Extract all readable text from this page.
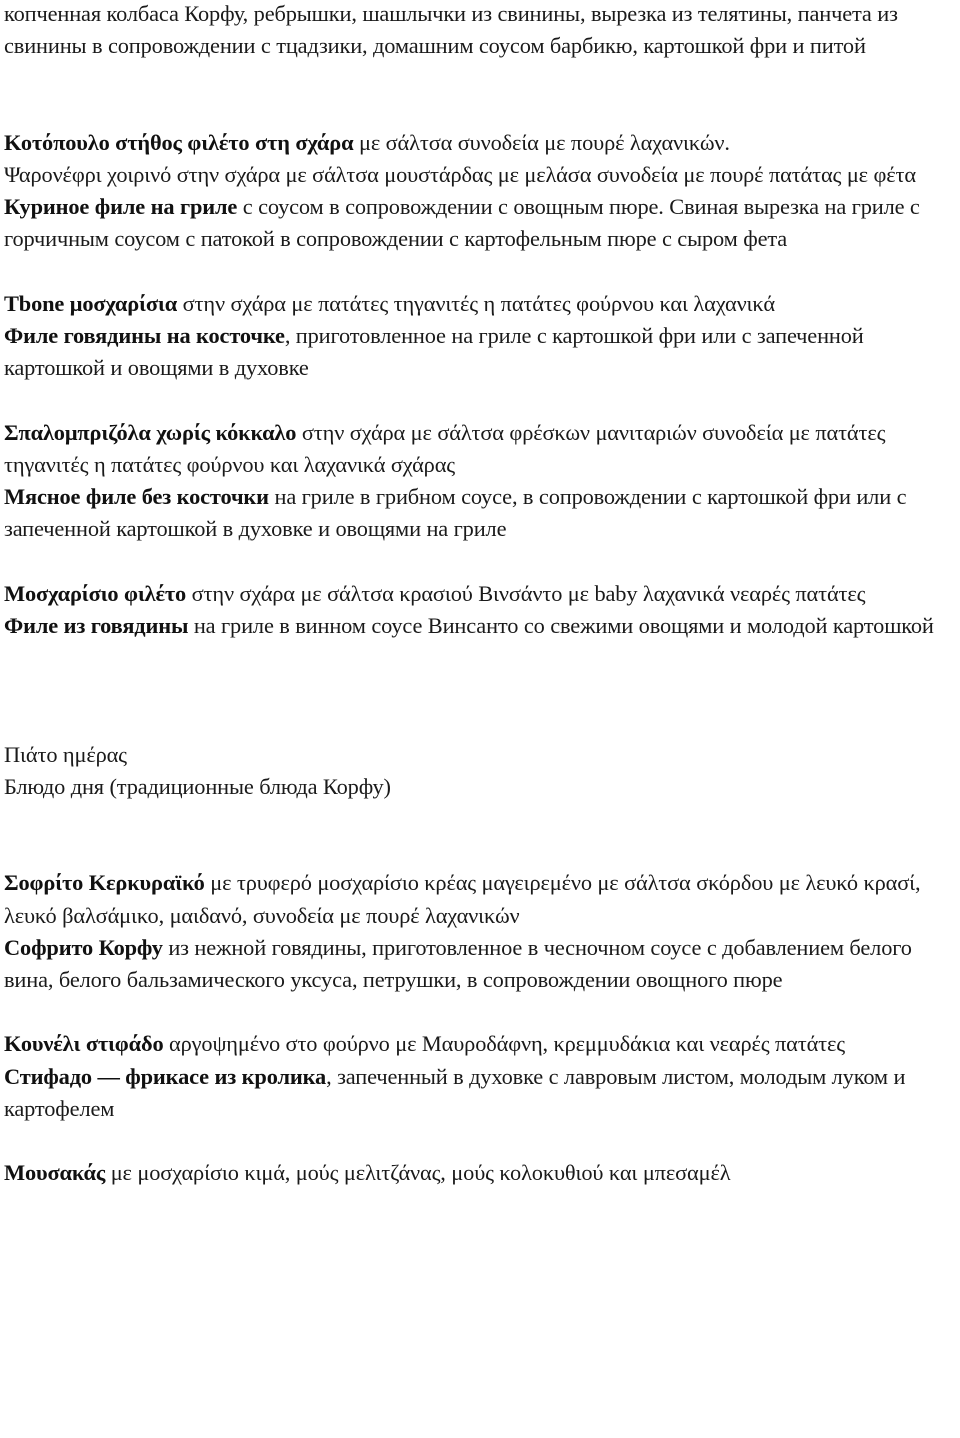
копченная колбаса Корфу, ребрышки, шашлычки из свинины, вырезка из телятины, панчета из свинины в сопровождении с тцадзики, домашним соусом барбикю, картошкой фри и питой

Κοτόπουλο στήθος φιλέτο στη σχάρα με σάλτσα συνοδεία με πουρέ λαχανικών.

Ψαρονέφρι χοιρινό στην σχάρα με σάλτσα μουστάρδας με μελάσα συνοδεία με πουρέ πατάτας με φέτα

Куриное филе на гриле с соусом в сопровождении с овощным пюре. Свиная вырезка на гриле с горчичным соусом с патокой в сопровождении с картофельным пюре с сыром фета

Tbone μοσχαρίσια στην σχάρα με πατάτες τηγανιτές η πατάτες φούρνου και λαχανικά

Филе говядины на косточке, приготовленное на гриле с картошкой фри или с запеченной картошкой и овощями в духовке

Σπαλομπριζόλα χωρίς κόκκαλο στην σχάρα με σάλτσα φρέσκων μανιταριών συνοδεία με πατάτες τηγανιτές η πατάτες φούρνου και λαχανικά σχάρας

Мясное филе без косточки на гриле в грибном соусе, в сопровождении с картошкой фри или с запеченной картошкой в духовке и овощями на гриле

Μοσχαρίσιο φιλέτο στην σχάρα με σάλτσα κρασιού Βινσάντο με baby λαχανικά νεαρές πατάτες

Филе из говядины на гриле в винном соусе Винсанто со свежими овощями и молодой картошкой

Πιάτο ημέρας

Блюдо дня (традиционные блюда Корфу)

Σοφρίτο Κερκυραϊκό με τρυφερό μοσχαρίσιο κρέας μαγειρεμένο με σάλτσα σκόρδου με λευκό κρασί, λευκό βαλσάμικο, μαιδανό, συνοδεία με πουρέ λαχανικών

Софрито Корфу из нежной говядины, приготовленное в чесночном соусе с добавлением белого вина, белого бальзамического уксуса, петрушки, в сопровождении овощного пюре

Κουνέλι στιφάδο αργοψημένο στο φούρνο με Μαυροδάφνη, κρεμμυδάκια και νεαρές πατάτες

Стифадо — фрикасе из кролика, запеченный в духовке с лавровым листом, молодым луком и картофелем

Μουσακάς με μοσχαρίσιο κιμά, μούς μελιτζάνας, μούς κολοκυθιού και μπεσαμέλ
